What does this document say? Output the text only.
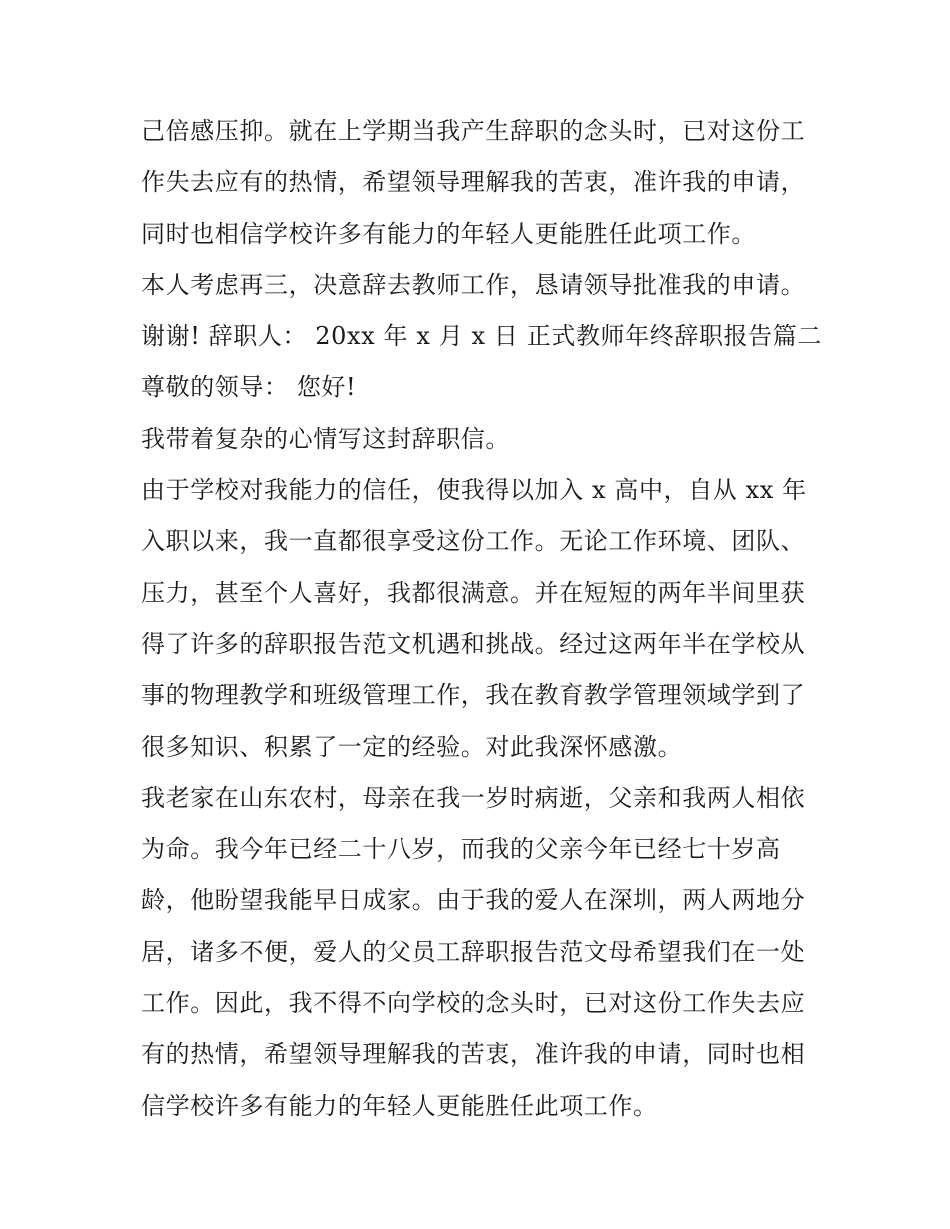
己倍感压抑。就在上学期当我产生辞职的念头时，已对这份工
作失去应有的热情，希望领导理解我的苦衷，准许我的申请，
同时也相信学校许多有能力的年轻人更能胜任此项工作。
本人考虑再三，决意辞去教师工作，恳请领导批准我的申请。
谢谢! 辞职人： 20xx 年 x 月 x 日 正式教师年终辞职报告篇二
尊敬的领导： 您好!
我带着复杂的心情写这封辞职信。
由于学校对我能力的信任，使我得以加入 x 高中，自从 xx 年
入职以来，我一直都很享受这份工作。无论工作环境、团队、
压力，甚至个人喜好，我都很满意。并在短短的两年半间里获
得了许多的辞职报告范文机遇和挑战。经过这两年半在学校从
事的物理教学和班级管理工作，我在教育教学管理领域学到了
很多知识、积累了一定的经验。对此我深怀感激。
我老家在山东农村，母亲在我一岁时病逝，父亲和我两人相依
为命。我今年已经二十八岁，而我的父亲今年已经七十岁高
龄，他盼望我能早日成家。由于我的爱人在深圳，两人两地分
居，诸多不便，爱人的父员工辞职报告范文母希望我们在一处
工作。因此，我不得不向学校的念头时，已对这份工作失去应
有的热情，希望领导理解我的苦衷，准许我的申请，同时也相
信学校许多有能力的年轻人更能胜任此项工作。
